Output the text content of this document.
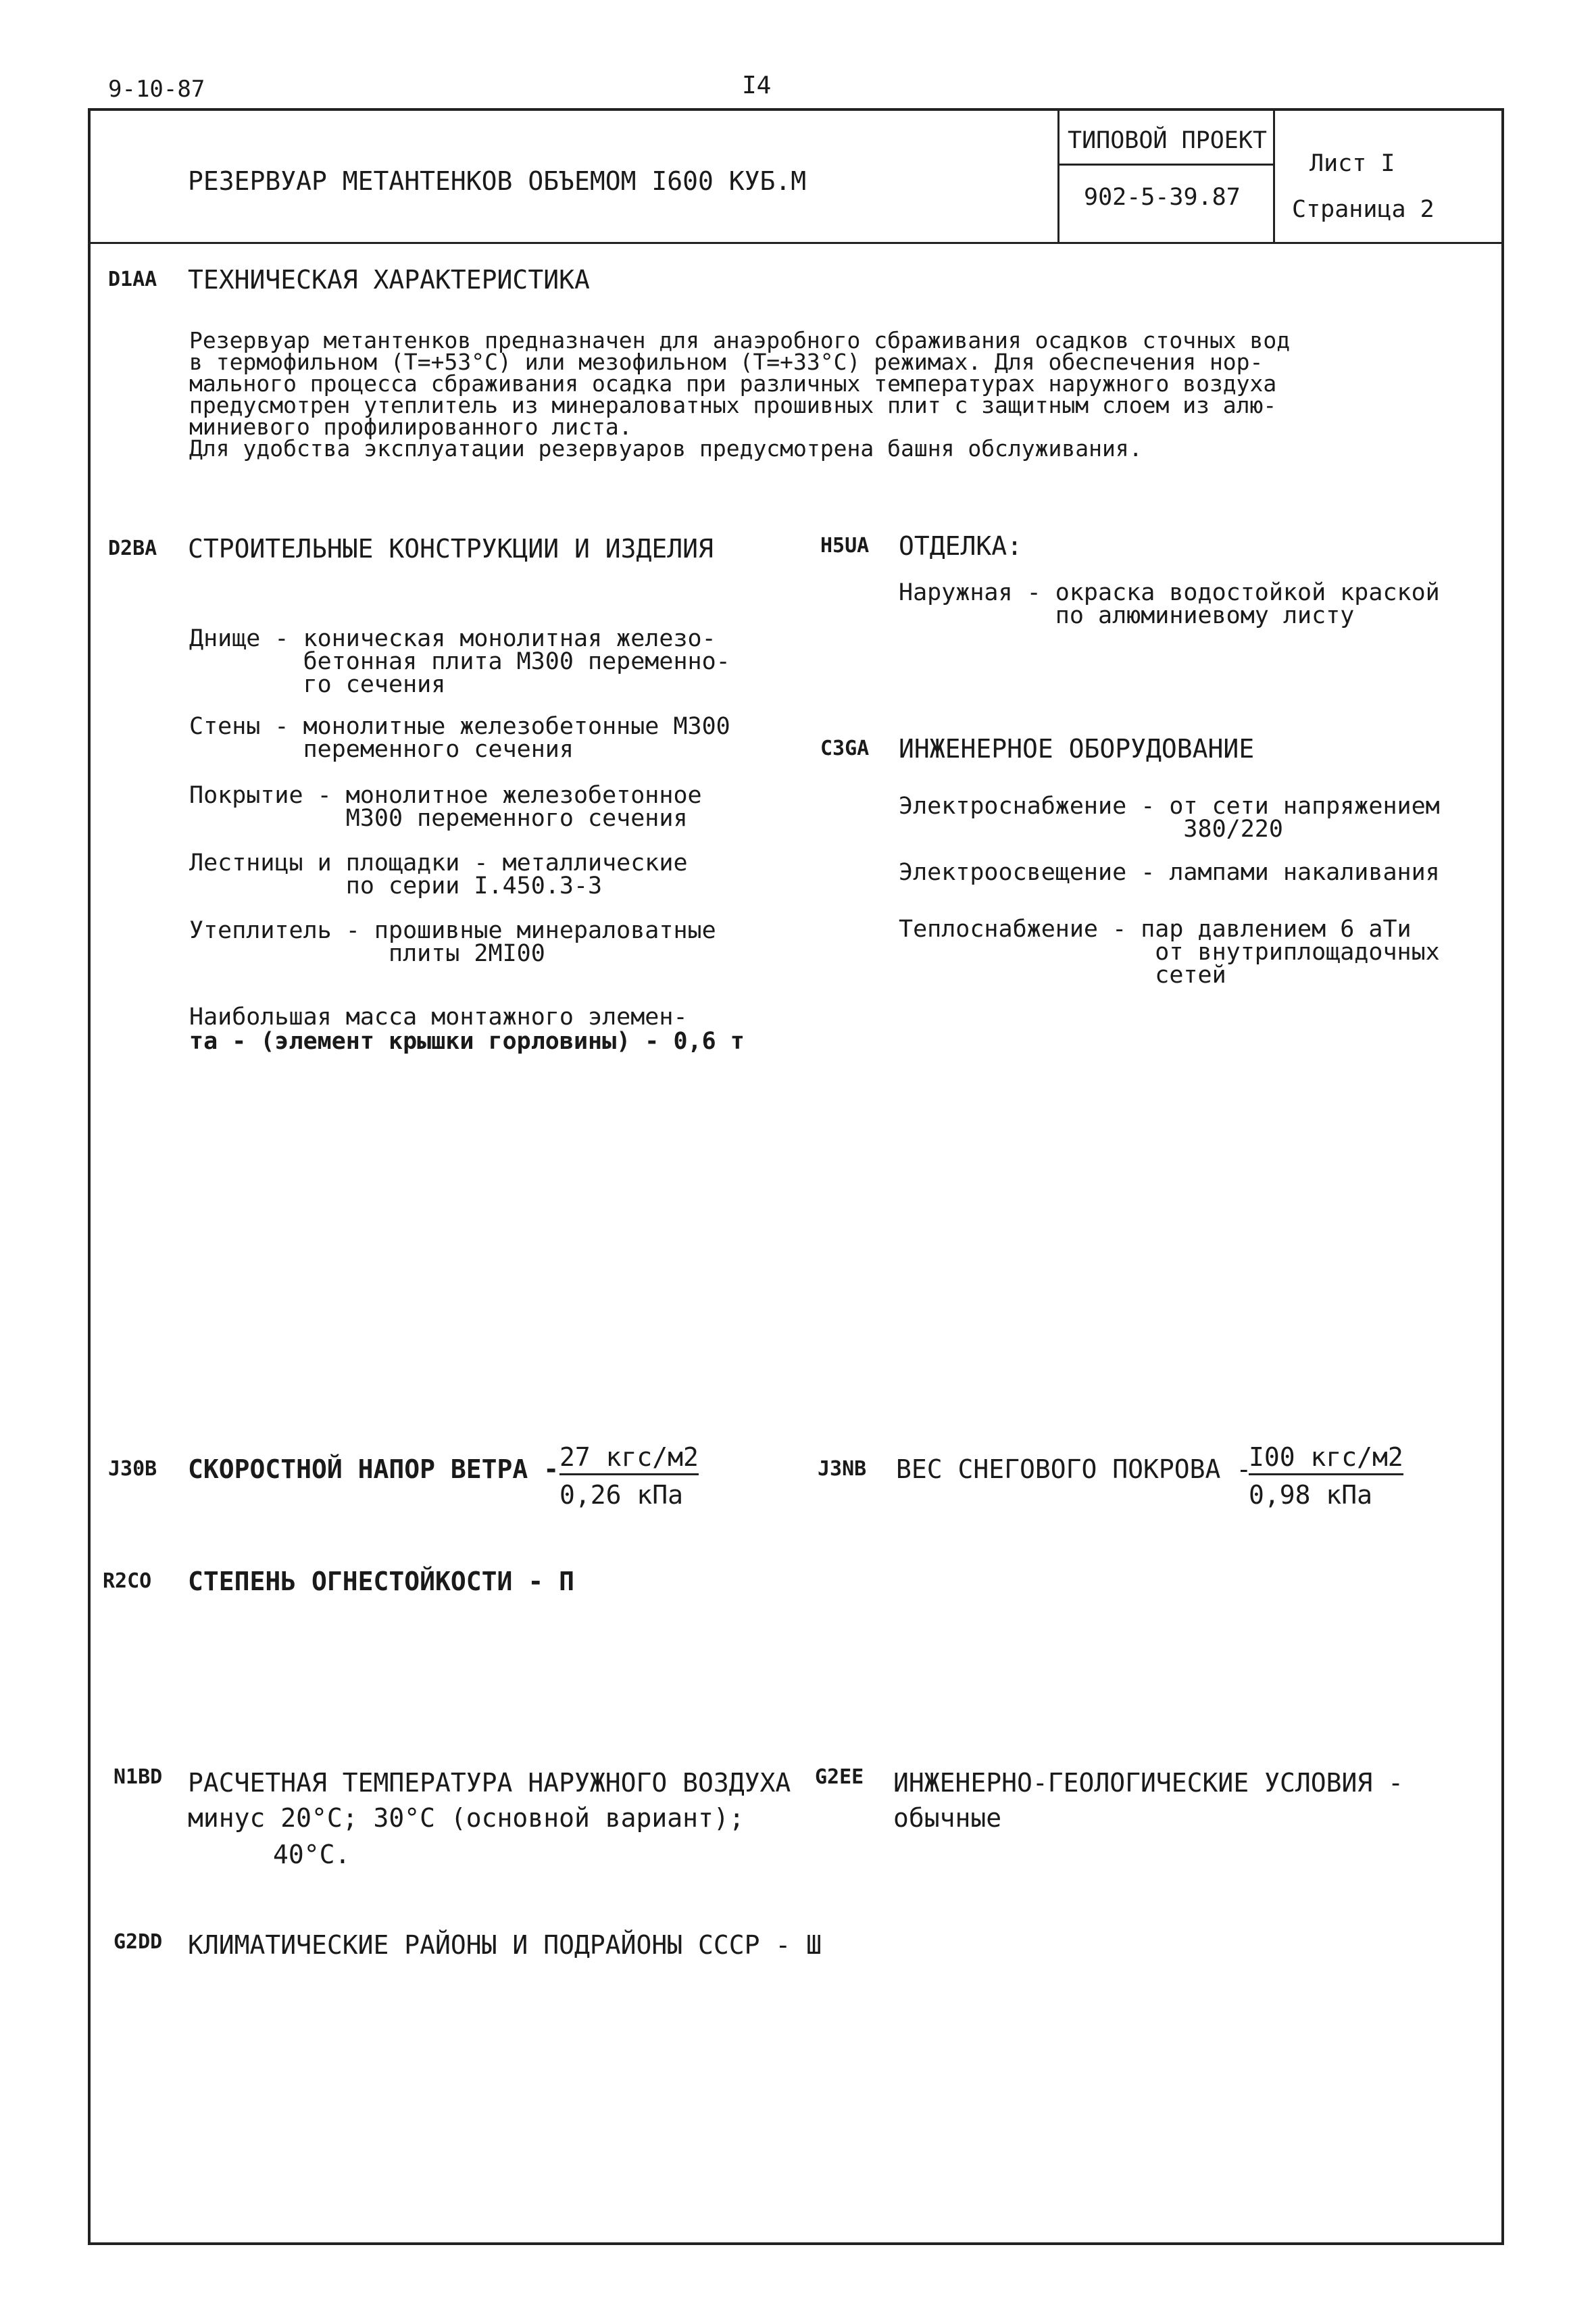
9-10-87	I4
РЕЗЕРВУАР МЕТАНТЕНКОВ ОБЪЕМОМ I600 КУБ.М
ТИПОВОЙ ПРОЕКТ
902-5-39.87
Лист I
Страница 2
D1AA ТЕХНИЧЕСКАЯ ХАРАКТЕРИСТИКА
Резервуар метантенков предназначен для анаэробного сбраживания осадков сточных вод
в термофильном (Т=+53°С) или мезофильном (Т=+33°С) режимах. Для обеспечения нор-
мального процесса сбраживания осадка при различных температурах наружного воздуха
предусмотрен утеплитель из минераловатных прошивных плит с защитным слоем из алю-
миниевого профилированного листа.
Для удобства эксплуатации резервуаров предусмотрена башня обслуживания.
D2BA СТРОИТЕЛЬНЫЕ КОНСТРУКЦИИ И ИЗДЕЛИЯ
Днище - коническая монолитная железо-
бетонная плита М300 переменно-
го сечения
Стены - монолитные железобетонные М300
переменного сечения
Покрытие - монолитное железобетонное
М300 переменного сечения
Лестницы и площадки - металлические
по серии I.450.3-3
Утеплитель - прошивные минераловатные
плиты 2МI00
Наибольшая масса монтажного элемен-
та - (элемент крышки горловины) - 0,6 т
H5UA ОТДЕЛКА:
Наружная - окраска водостойкой краской
по алюминиевому листу
C3GA ИНЖЕНЕРНОЕ ОБОРУДОВАНИЕ
Электроснабжение - от сети напряжением
380/220
Электроосвещение - лампами накаливания
Теплоснабжение - пар давлением 6 аТи
от внутриплощадочных
сетей
J30B СКОРОСТНОЙ НАПОР ВЕТРА - 27 кгс/м2
0,26 кПа
J3NB ВЕС СНЕГОВОГО ПОКРОВА -
I00 кгс/м2
0,98 кПа
R2CO СТЕПЕНЬ ОГНЕСТОЙКОСТИ - П
N1BD РАСЧЕТНАЯ ТЕМПЕРАТУРА НАРУЖНОГО ВОЗДУХА
минус 20°С; 30°С (основной вариант);
40°С.
G2EE ИНЖЕНЕРНО-ГЕОЛОГИЧЕСКИЕ УСЛОВИЯ -
обычные
G2DD КЛИМАТИЧЕСКИЕ РАЙОНЫ И ПОДРАЙОНЫ СССР - Ш
